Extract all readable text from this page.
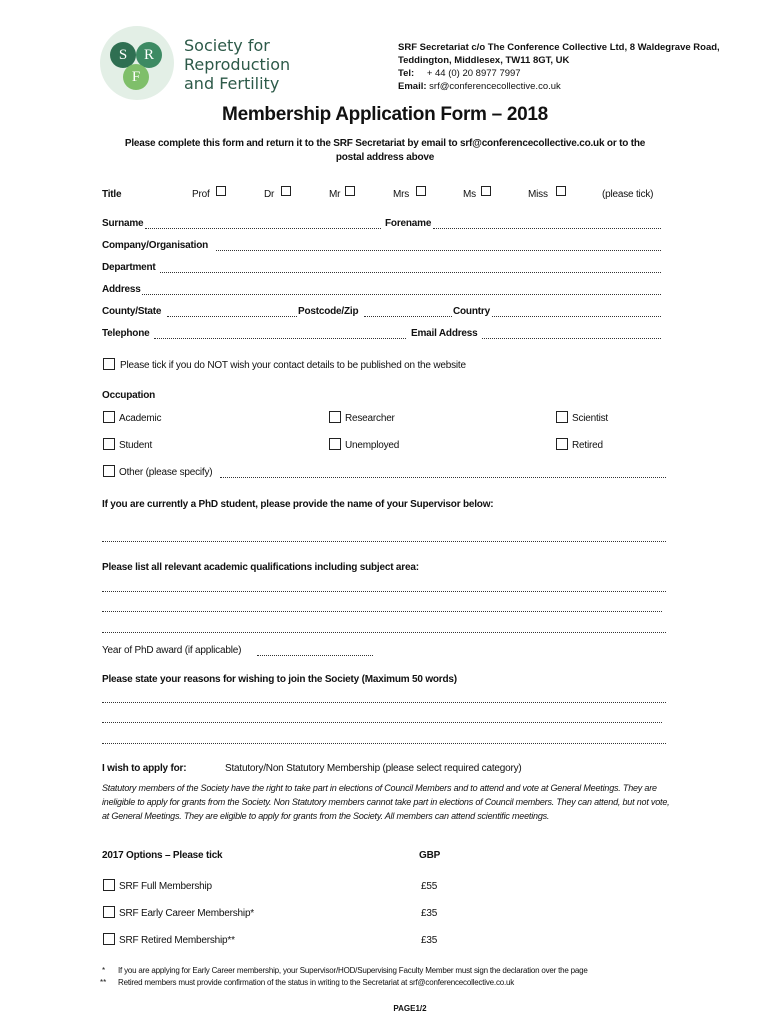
S	R
F
Society for
Reproduction
and Fertility
SRF Secretariat c/o The Conference Collective Ltd, 8 Waldegrave Road,
Teddington, Middlesex, TW11 8GT, UK
Tel: + 44 (0) 20 8977 7997
Email: srf@conferencecollective.co.uk
Membership Application Form – 2018
Please complete this form and return it to the SRF Secretariat by email to srf@conferencecollective.co.uk or to the
postal address above
Title	Prof	Dr	Mr	Mrs	Ms	Miss	(please tick)
Surname	Forename
Company/Organisation
Department
Address
County/State	Postcode/Zip	Country
Telephone	Email Address
Please tick if you do NOT wish your contact details to be published on the website
Occupation
Academic	Researcher	Scientist
Student	Unemployed	Retired
Other (please specify)
If you are currently a PhD student, please provide the name of your Supervisor below:
Please list all relevant academic qualifications including subject area:
Year of PhD award (if applicable)
Please state your reasons for wishing to join the Society (Maximum 50 words)
I wish to apply for:	Statutory/Non Statutory Membership (please select required category)
Statutory members of the Society have the right to take part in elections of Council Members and to attend and vote at General Meetings. They are ineligible to apply for grants from the Society. Non Statutory members cannot take part in elections of Council members. They can attend, but not vote, at General Meetings. They are eligible to apply for grants from the Society. All members can attend scientific meetings.
2017 Options – Please tick	GBP
SRF Full Membership	£55
SRF Early Career Membership*	£35
SRF Retired Membership**	£35
* If you are applying for Early Career membership, your Supervisor/HOD/Supervising Faculty Member must sign the declaration over the page
** Retired members must provide confirmation of the status in writing to the Secretariat at srf@conferencecollective.co.uk
PAGE1/2
